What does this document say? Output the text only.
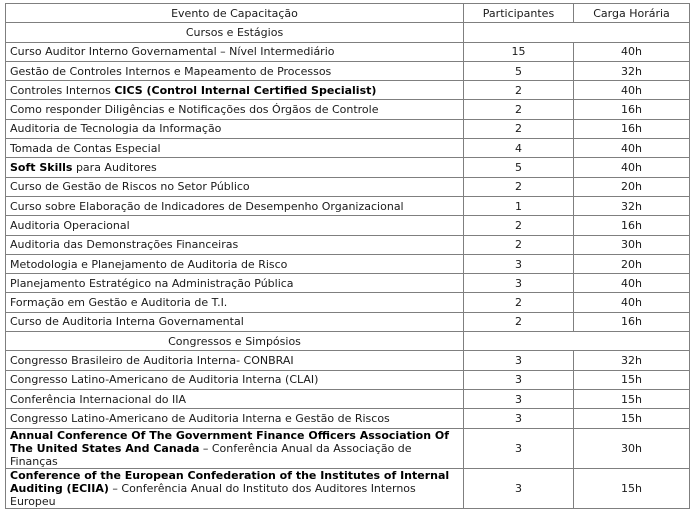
Evento de Capacitação	Participantes	Carga Horária
Cursos e Estágios		
Curso Auditor Interno Governamental – Nível Intermediário	15	40h
Gestão de Controles Internos e Mapeamento de Processos	5	32h
Controles Internos CICS (Control Internal Certified Specialist)	2	40h
Como responder Diligências e Notificações dos Órgãos de Controle	2	16h
Auditoria de Tecnologia da Informação	2	16h
Tomada de Contas Especial	4	40h
Soft Skills para Auditores	5	40h
Curso de Gestão de Riscos no Setor Público	2	20h
Curso sobre Elaboração de Indicadores de Desempenho Organizacional	1	32h
Auditoria Operacional	2	16h
Auditoria das Demonstrações Financeiras	2	30h
Metodologia e Planejamento de Auditoria de Risco	3	20h
Planejamento Estratégico na Administração Pública	3	40h
Formação em Gestão e Auditoria de T.I.	2	40h
Curso de Auditoria Interna Governamental	2	16h
Congressos e Simpósios		
Congresso Brasileiro de Auditoria Interna- CONBRAI	3	32h
Congresso Latino-Americano de Auditoria Interna (CLAI)	3	15h
Conferência Internacional do IIA	3	15h
Congresso Latino-Americano de Auditoria Interna e Gestão de Riscos	3	15h
Annual Conference Of The Government Finance Officers Association Of The United States And Canada – Conferência Anual da Associação de Finanças	3	30h
Conference of the European Confederation of the Institutes of Internal Auditing (ECIIA) – Conferência Anual do Instituto dos Auditores Internos Europeu	3	15h
